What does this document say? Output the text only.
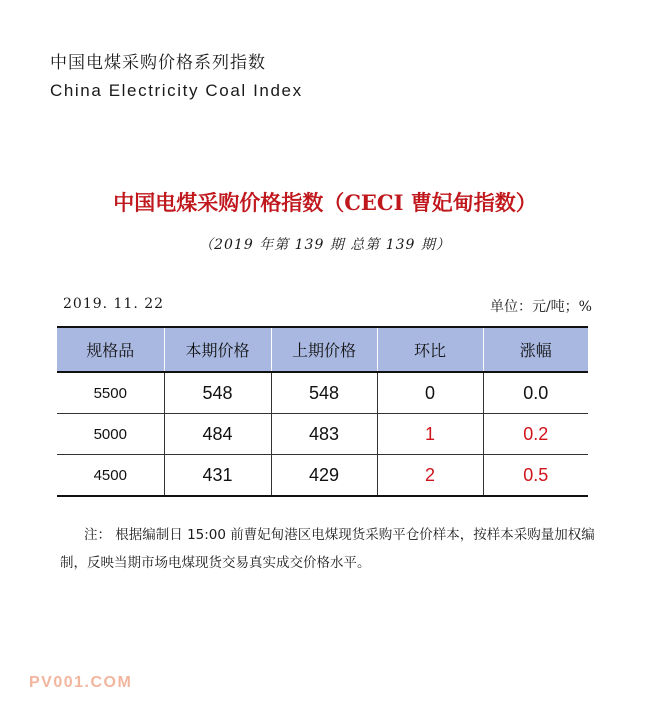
中国电煤采购价格系列指数
China Electricity Coal Index
中国电煤采购价格指数（CECI 曹妃甸指数）
（2019 年第 139 期 总第 139 期）
2019. 11. 22	单位：元/吨；%
规格品	本期价格	上期价格	环比	涨幅
5500	548	548	0	0.0
5000	484	483	1	0.2
4500	431	429	2	0.5
注： 根据编制日 15:00 前曹妃甸港区电煤现货采购平仓价样本，按样本采购量加权编制，反映当期市场电煤现货交易真实成交价格水平。
PV001.COM
